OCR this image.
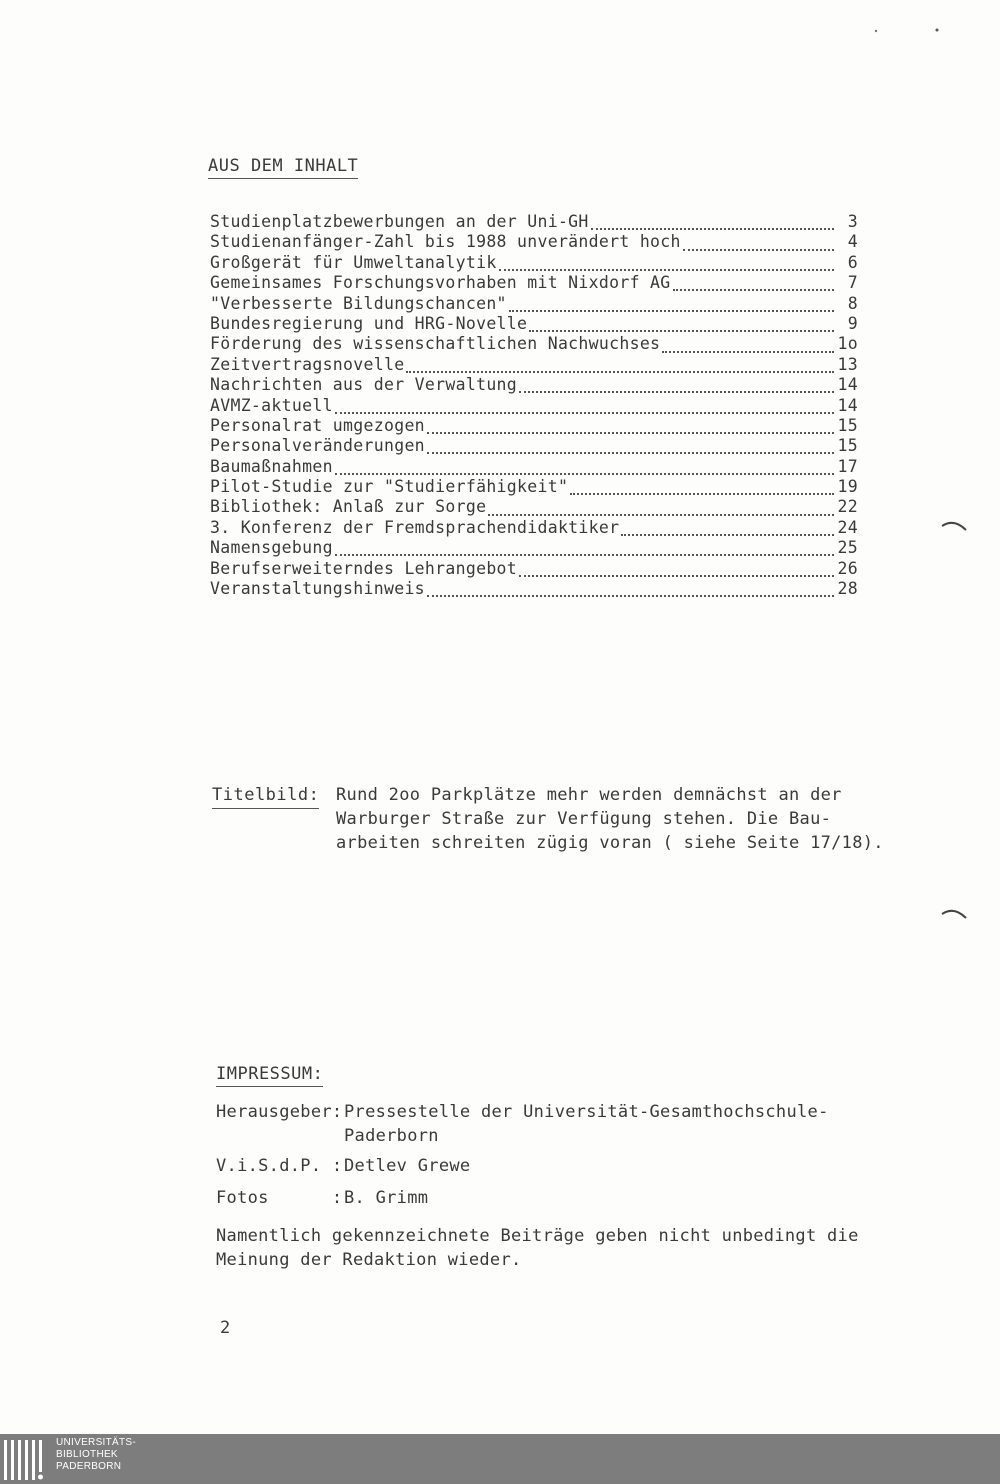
AUS DEM INHALT
Studienplatzbewerbungen an der Uni-GH	3
Studienanfänger-Zahl bis 1988 unverändert hoch	4
Großgerät für Umweltanalytik	6
Gemeinsames Forschungsvorhaben mit Nixdorf AG	7
"Verbesserte Bildungschancen"	8
Bundesregierung und HRG-Novelle	9
Förderung des wissenschaftlichen Nachwuchses	1o
Zeitvertragsnovelle	13
Nachrichten aus der Verwaltung	14
AVMZ-aktuell	14
Personalrat umgezogen	15
Personalveränderungen	15
Baumaßnahmen	17
Pilot-Studie zur "Studierfähigkeit"	19
Bibliothek: Anlaß zur Sorge	22
3. Konferenz der Fremdsprachendidaktiker	24
Namensgebung	25
Berufserweiterndes Lehrangebot	26
Veranstaltungshinweis	28
Titelbild: Rund 2oo Parkplätze mehr werden demnächst an der
Warburger Straße zur Verfügung stehen. Die Bau-
arbeiten schreiten zügig voran ( siehe Seite 17/18).
IMPRESSUM:
Herausgeber: Pressestelle der Universität-Gesamthochschule-
Paderborn
V.i.S.d.P. :Detlev Grewe
Fotos      :B. Grimm
Namentlich gekennzeichnete Beiträge geben nicht unbedingt die
Meinung der Redaktion wieder.
2
UNIVERSITÄTS-
BIBLIOTHEK
PADERBORN
